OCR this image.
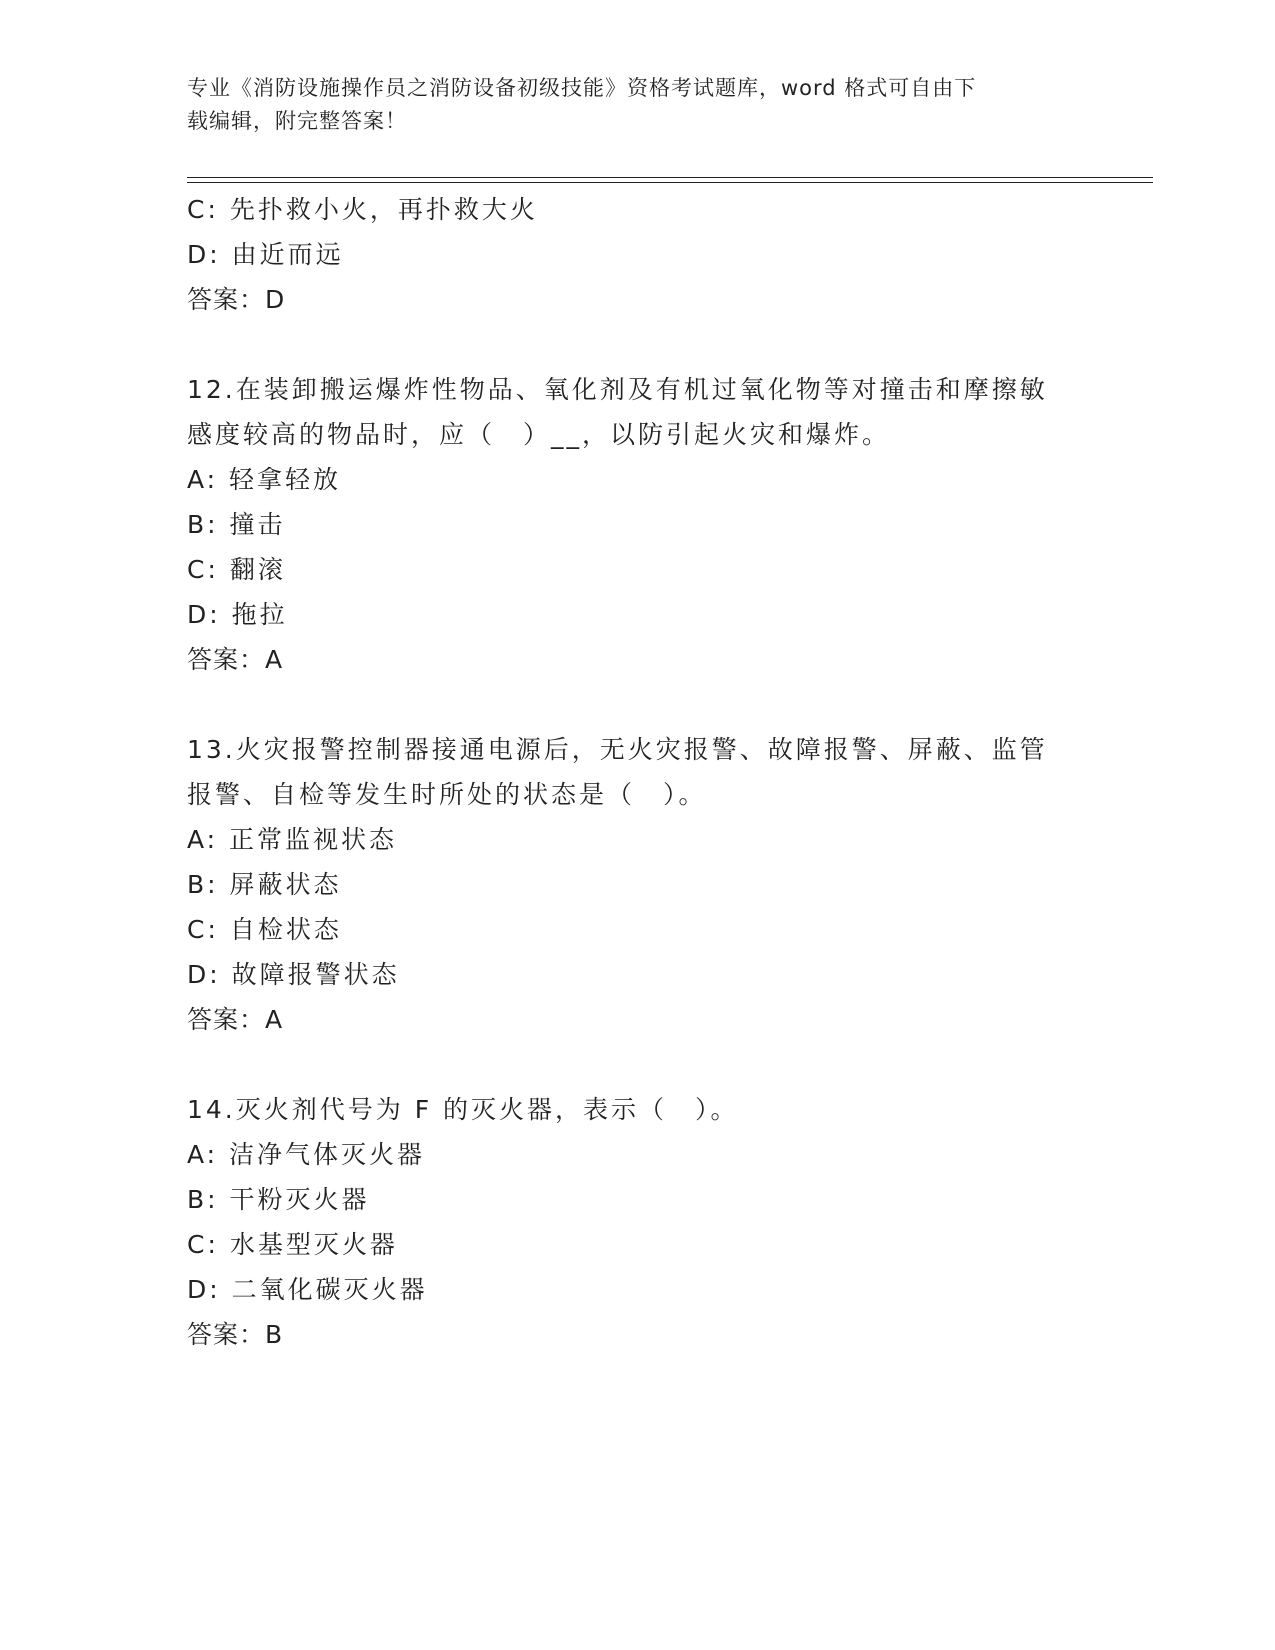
专业《消防设施操作员之消防设备初级技能》资格考试题库，word 格式可自由下
载编辑，附完整答案！
C: 先扑救小火，再扑救大火
D: 由近而远
答案：D
12.在装卸搬运爆炸性物品、氧化剂及有机过氧化物等对撞击和摩擦敏
感度较高的物品时，应（　）__，以防引起火灾和爆炸。
A: 轻拿轻放
B: 撞击
C: 翻滚
D: 拖拉
答案：A
13.火灾报警控制器接通电源后，无火灾报警、故障报警、屏蔽、监管
报警、自检等发生时所处的状态是（　）。
A: 正常监视状态
B: 屏蔽状态
C: 自检状态
D: 故障报警状态
答案：A
14.灭火剂代号为 F 的灭火器，表示（　）。
A: 洁净气体灭火器
B: 干粉灭火器
C: 水基型灭火器
D: 二氧化碳灭火器
答案：B
